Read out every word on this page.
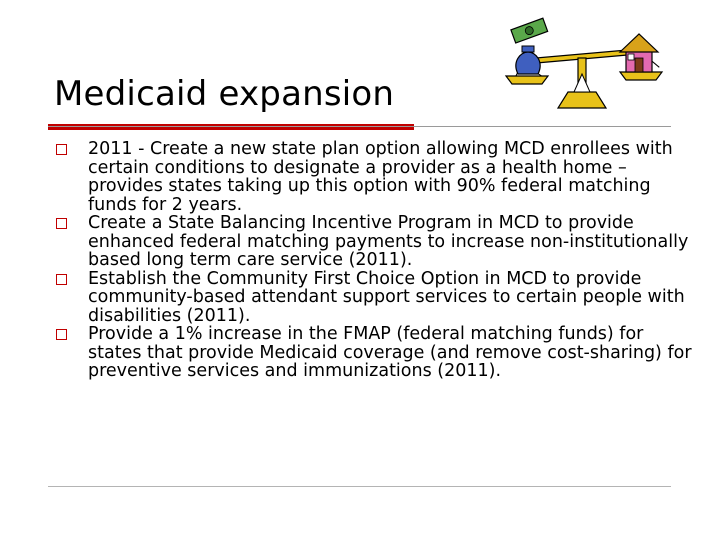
Medicaid expansion
2011 - Create a new state plan option allowing MCD enrollees with certain conditions to designate a provider as a health home – provides states taking up this option with 90% federal matching funds for 2 years.
Create a State Balancing Incentive Program in MCD to provide enhanced federal matching payments to increase non-institutionally based long term care service (2011).
Establish the Community First Choice Option in MCD to provide community-based attendant support services to certain people with disabilities (2011).
Provide a 1% increase in the FMAP (federal matching funds) for states that provide Medicaid coverage (and remove cost-sharing) for preventive services and immunizations (2011).
